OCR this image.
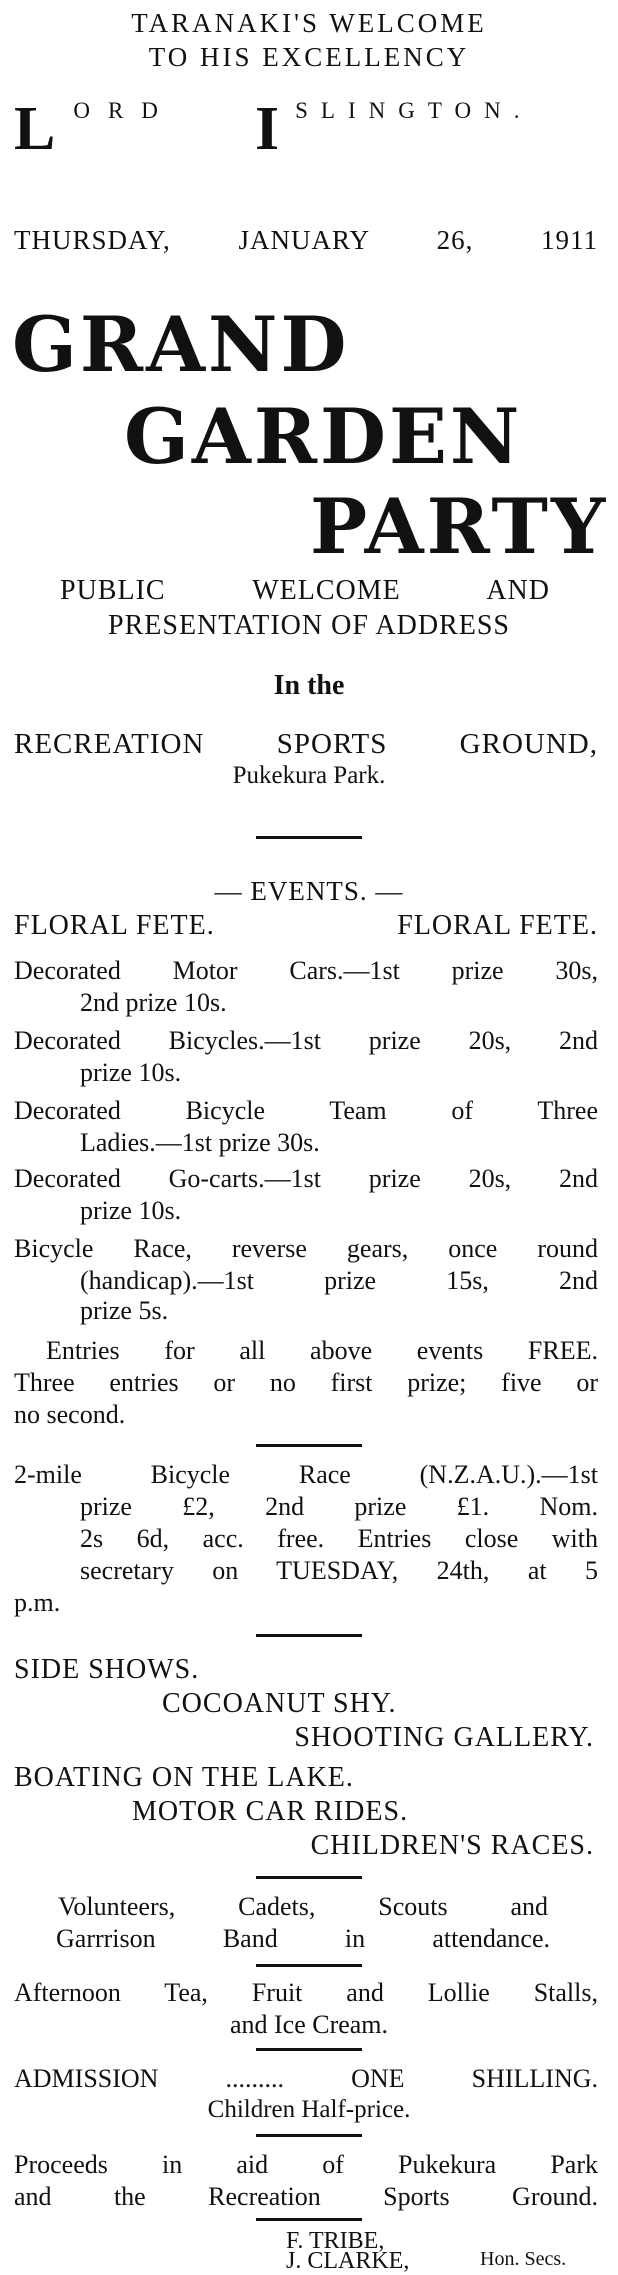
TARANAKI'S WELCOME
TO HIS EXCELLENCY
LORD ISLINGTON.
THURSDAY, JANUARY 26, 1911
GRAND
GARDEN
PARTY
PUBLIC WELCOME AND
PRESENTATION OF ADDRESS
In the
RECREATION SPORTS GROUND,
Pukekura Park.
— EVENTS. —
FLORAL FETE.	FLORAL FETE.
Decorated Motor Cars.—1st prize 30s,
2nd prize 10s.
Decorated Bicycles.—1st prize 20s, 2nd
prize 10s.
Decorated Bicycle Team of Three
Ladies.—1st prize 30s.
Decorated Go-carts.—1st prize 20s, 2nd
prize 10s.
Bicycle Race, reverse gears, once round
(handicap).—1st prize 15s, 2nd
prize 5s.
Entries for all above events FREE.
Three entries or no first prize; five or
no second.
2-mile Bicycle Race (N.Z.A.U.).—1st
prize £2, 2nd prize £1. Nom.
2s 6d, acc. free. Entries close with
secretary on TUESDAY, 24th, at 5
p.m.
SIDE SHOWS.
COCOANUT SHY.
SHOOTING GALLERY.
BOATING ON THE LAKE.
MOTOR CAR RIDES.
CHILDREN'S RACES.
Volunteers, Cadets, Scouts and
Garrrison Band in attendance.
Afternoon Tea, Fruit and Lollie Stalls,
and Ice Cream.
ADMISSION ......... ONE SHILLING.
Children Half-price.
Proceeds in aid of Pukekura Park
and the Recreation Sports Ground.
F. TRIBE,
J. CLARKE,	Hon. Secs.
